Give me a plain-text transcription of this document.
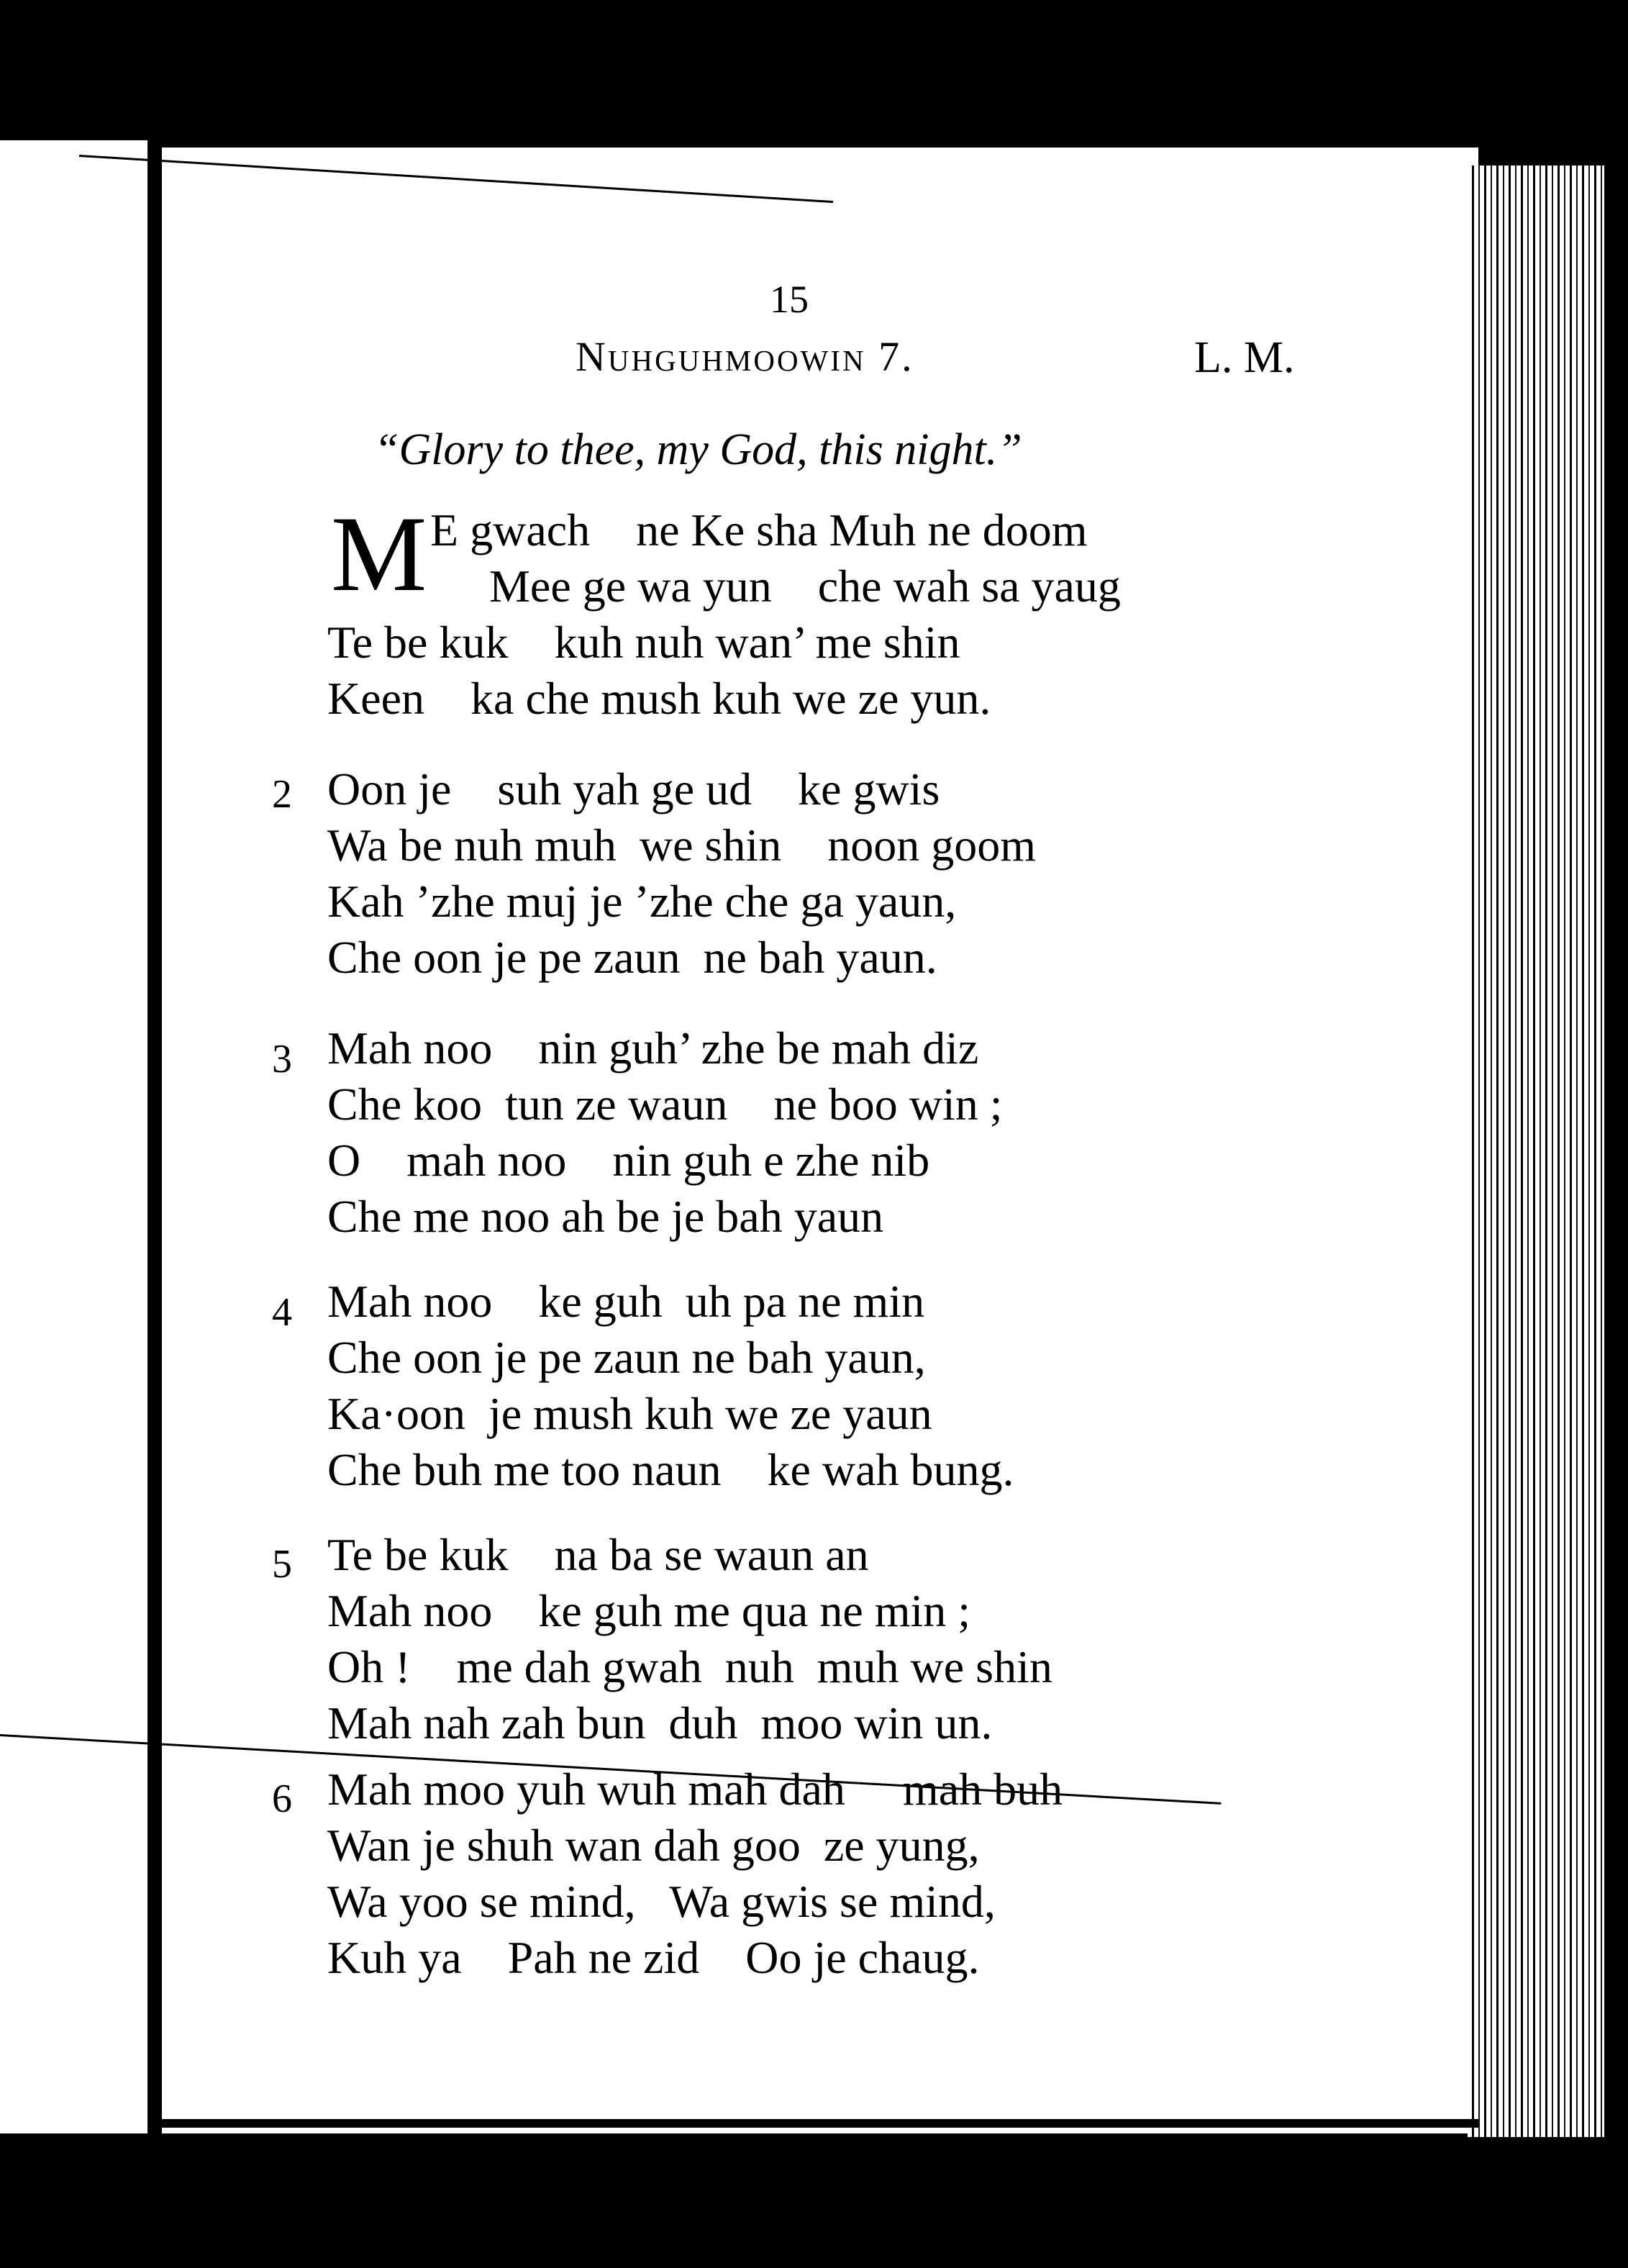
15
Nuhguhmoowin 7.	L. M.
“Glory to thee, my God, this night.”
M E gwach    ne Ke sha Muh ne doom
Mee ge wa yun    che wah sa yaug
Te be kuk    kuh nuh wan’ me shin
Keen    ka che mush kuh we ze yun.
2 Oon je    suh yah ge ud    ke gwis
Wa be nuh muh  we shin    noon goom
Kah ’zhe muj je ’zhe che ga yaun,
Che oon je pe zaun  ne bah yaun.
3 Mah noo    nin guh’ zhe be mah diz
Che koo  tun ze waun    ne boo win ;
O    mah noo    nin guh e zhe nib
Che me noo ah be je bah yaun
4 Mah noo    ke guh  uh pa ne min
Che oon je pe zaun ne bah yaun,
Ka·oon  je mush kuh we ze yaun
Che buh me too naun    ke wah bung.
5 Te be kuk    na ba se waun an
Mah noo    ke guh me qua ne min ;
Oh !    me dah gwah  nuh  muh we shin
Mah nah zah bun  duh  moo win un.
6 Mah moo yuh wuh mah dah     mah buh
Wan je shuh wan dah goo  ze yung,
Wa yoo se mind,   Wa gwis se mind,
Kuh ya    Pah ne zid    Oo je chaug.
